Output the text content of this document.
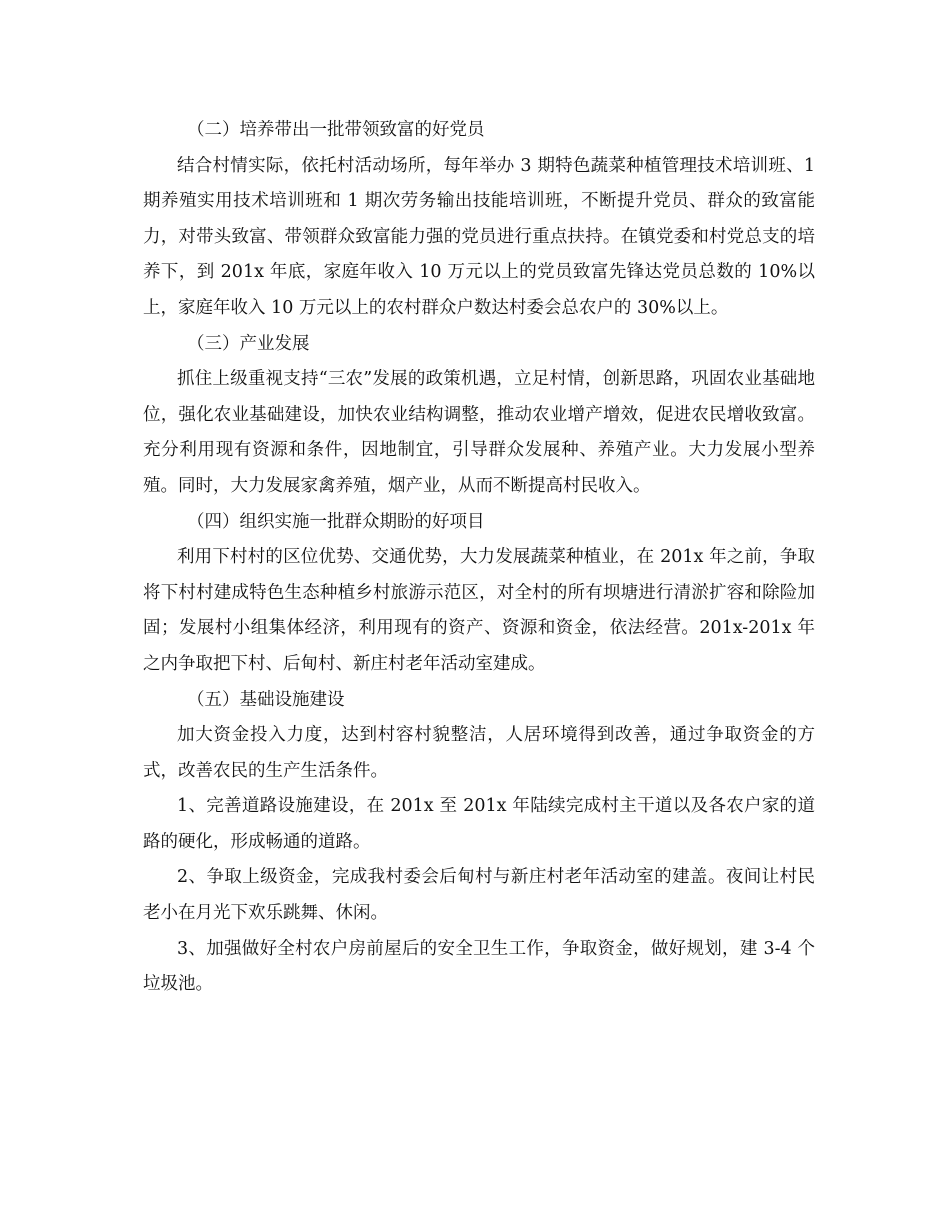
（二）培养带出一批带领致富的好党员

结合村情实际，依托村活动场所，每年举办 3 期特色蔬菜种植管理技术培训班、1 期养殖实用技术培训班和 1 期次劳务输出技能培训班，不断提升党员、群众的致富能力，对带头致富、带领群众致富能力强的党员进行重点扶持。在镇党委和村党总支的培养下，到 201x 年底，家庭年收入 10 万元以上的党员致富先锋达党员总数的 10%以上，家庭年收入 10 万元以上的农村群众户数达村委会总农户的 30%以上。

（三）产业发展

抓住上级重视支持“三农”发展的政策机遇，立足村情，创新思路，巩固农业基础地位，强化农业基础建设，加快农业结构调整，推动农业增产增效，促进农民增收致富。充分利用现有资源和条件，因地制宜，引导群众发展种、养殖产业。大力发展小型养殖。同时，大力发展家禽养殖，烟产业，从而不断提高村民收入。

（四）组织实施一批群众期盼的好项目

利用下村村的区位优势、交通优势，大力发展蔬菜种植业，在 201x 年之前，争取将下村村建成特色生态种植乡村旅游示范区，对全村的所有坝塘进行清淤扩容和除险加固；发展村小组集体经济，利用现有的资产、资源和资金，依法经营。201x-201x 年之内争取把下村、后甸村、新庄村老年活动室建成。

（五）基础设施建设

加大资金投入力度，达到村容村貌整洁，人居环境得到改善，通过争取资金的方式，改善农民的生产生活条件。

1、完善道路设施建设，在 201x 至 201x 年陆续完成村主干道以及各农户家的道路的硬化，形成畅通的道路。

2、争取上级资金，完成我村委会后甸村与新庄村老年活动室的建盖。夜间让村民老小在月光下欢乐跳舞、休闲。

3、加强做好全村农户房前屋后的安全卫生工作，争取资金，做好规划，建 3-4 个垃圾池。
